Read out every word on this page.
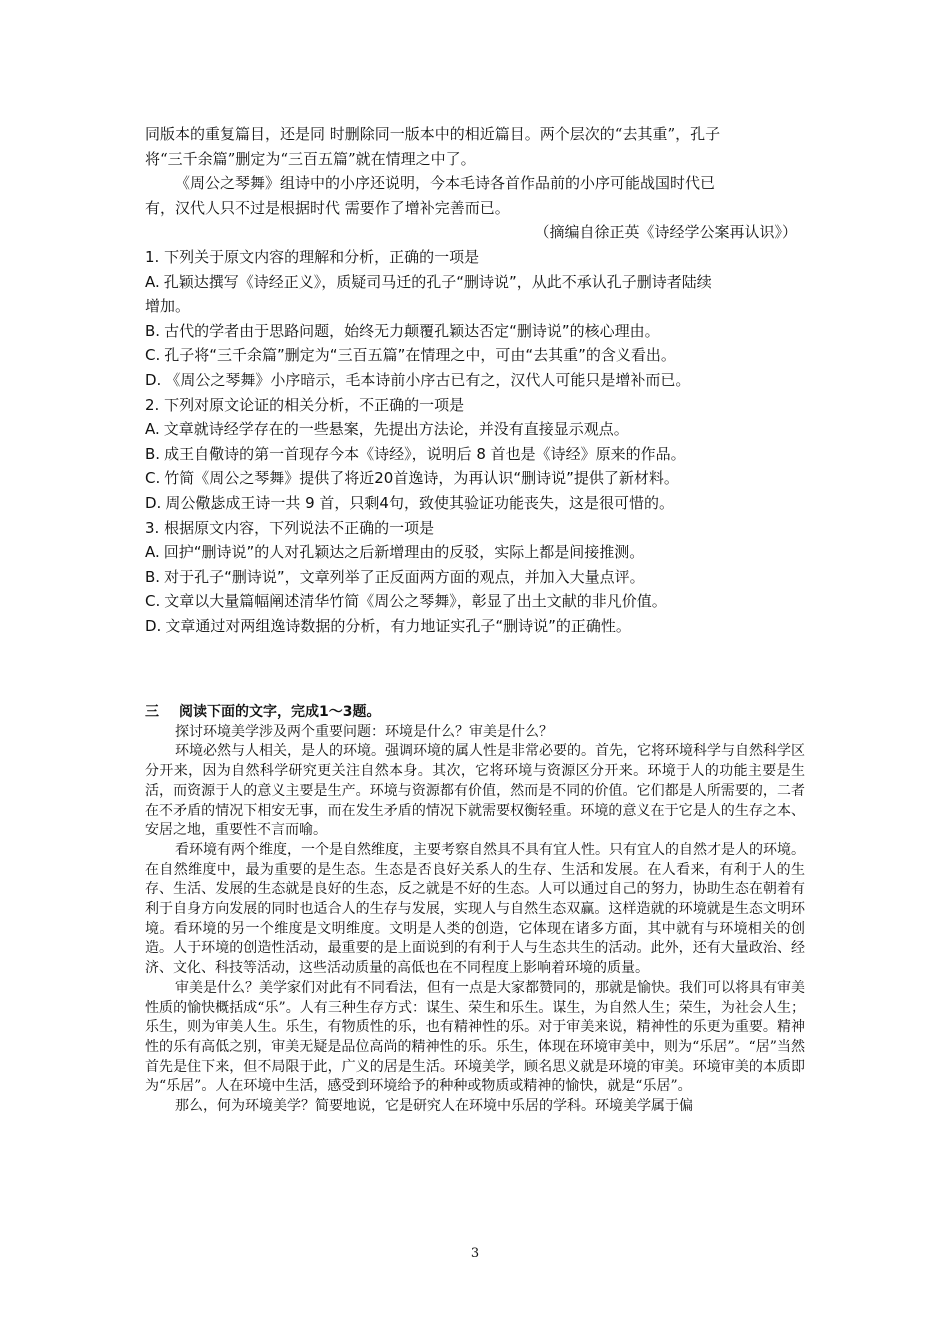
同版本的重复篇目，还是同 时删除同一版本中的相近篇目。两个层次的“去其重”，孔子

将“三千余篇”删定为“三百五篇”就在情理之中了。

《周公之琴舞》组诗中的小序还说明，今本毛诗各首作品前的小序可能战国时代已

有，汉代人只不过是根据时代 需要作了增补完善而已。

（摘编自徐正英《诗经学公案再认识》）

1. 下列关于原文内容的理解和分析，正确的一项是

A. 孔颖达撰写《诗经正义》，质疑司马迁的孔子“删诗说”，从此不承认孔子删诗者陆续

增加。

B. 古代的学者由于思路问题，始终无力颠覆孔颖达否定“删诗说”的核心理由。

C. 孔子将“三千余篇”删定为“三百五篇”在情理之中，可由“去其重”的含义看出。

D. 《周公之琴舞》小序暗示，毛本诗前小序古已有之，汉代人可能只是增补而已。

2. 下列对原文论证的相关分析，不正确的一项是

A. 文章就诗经学存在的一些悬案，先提出方法论，并没有直接显示观点。

B. 成王自儆诗的第一首现存今本《诗经》，说明后 8 首也是《诗经》原来的作品。

C. 竹简《周公之琴舞》提供了将近20首逸诗，为再认识“删诗说”提供了新材料。

D. 周公儆毖成王诗一共 9 首，只剩4句，致使其验证功能丧失，这是很可惜的。

3. 根据原文内容，下列说法不正确的一项是

A. 回护“删诗说”的人对孔颖达之后新增理由的反驳，实际上都是间接推测。

B. 对于孔子“删诗说”，文章列举了正反面两方面的观点，并加入大量点评。

C. 文章以大量篇幅阐述清华竹简《周公之琴舞》，彰显了出土文献的非凡价值。

D. 文章通过对两组逸诗数据的分析，有力地证实孔子“删诗说”的正确性。

三 阅读下面的文字，完成1～3题。

探讨环境美学涉及两个重要问题：环境是什么？审美是什么？

环境必然与人相关，是人的环境。强调环境的属人性是非常必要的。首先，它将环境科学与自然科学区分开来，因为自然科学研究更关注自然本身。其次，它将环境与资源区分开来。环境于人的功能主要是生活，而资源于人的意义主要是生产。环境与资源都有价值，然而是不同的价值。它们都是人所需要的，二者在不矛盾的情况下相安无事，而在发生矛盾的情况下就需要权衡轻重。环境的意义在于它是人的生存之本、安居之地，重要性不言而喻。

看环境有两个维度，一个是自然维度，主要考察自然具不具有宜人性。只有宜人的自然才是人的环境。在自然维度中，最为重要的是生态。生态是否良好关系人的生存、生活和发展。在人看来，有利于人的生存、生活、发展的生态就是良好的生态，反之就是不好的生态。人可以通过自己的努力，协助生态在朝着有利于自身方向发展的同时也适合人的生存与发展，实现人与自然生态双赢。这样造就的环境就是生态文明环境。看环境的另一个维度是文明维度。文明是人类的创造，它体现在诸多方面，其中就有与环境相关的创造。人于环境的创造性活动，最重要的是上面说到的有利于人与生态共生的活动。此外，还有大量政治、经济、文化、科技等活动，这些活动质量的高低也在不同程度上影响着环境的质量。

审美是什么？美学家们对此有不同看法，但有一点是大家都赞同的，那就是愉快。我们可以将具有审美性质的愉快概括成“乐”。人有三种生存方式：谋生、荣生和乐生。谋生，为自然人生；荣生，为社会人生；乐生，则为审美人生。乐生，有物质性的乐，也有精神性的乐。对于审美来说，精神性的乐更为重要。精神性的乐有高低之别，审美无疑是品位高尚的精神性的乐。乐生，体现在环境审美中，则为“乐居”。“居”当然首先是住下来，但不局限于此，广义的居是生活。环境美学，顾名思义就是环境的审美。环境审美的本质即为“乐居”。人在环境中生活，感受到环境给予的种种或物质或精神的愉快，就是“乐居”。

那么，何为环境美学？简要地说，它是研究人在环境中乐居的学科。环境美学属于偏

3
